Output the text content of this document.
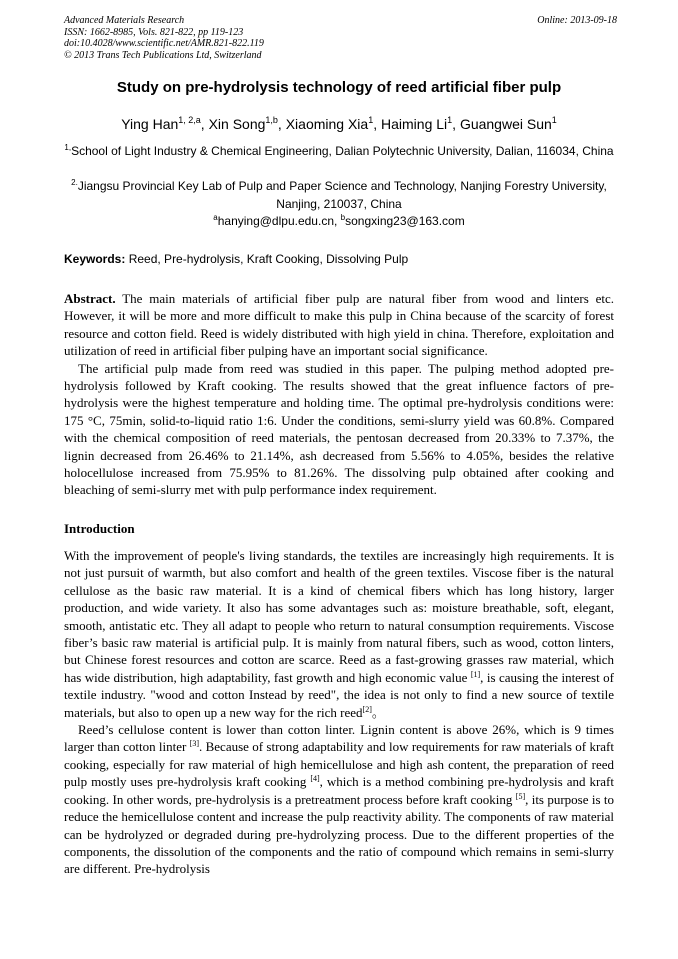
Advanced Materials Research
ISSN: 1662-8985, Vols. 821-822, pp 119-123
doi:10.4028/www.scientific.net/AMR.821-822.119
© 2013 Trans Tech Publications Ltd, Switzerland
Online: 2013-09-18
Study on pre-hydrolysis technology of reed artificial fiber pulp
Ying Han$^{1, 2,a}$, Xin Song$^{1,b}$, Xiaoming Xia$^1$, Haiming Li$^1$, Guangwei Sun$^1$
$^{1,}$School of Light Industry & Chemical Engineering, Dalian Polytechnic University, Dalian, 116034, China
$^{2.}$Jiangsu Provincial Key Lab of Pulp and Paper Science and Technology, Nanjing Forestry University, Nanjing, 210037, China
$^a$hanying@dlpu.edu.cn, $^b$songxing23@163.com
Keywords: Reed, Pre-hydrolysis, Kraft Cooking, Dissolving Pulp

Abstract. The main materials of artificial fiber pulp are natural fiber from wood and linters etc. However, it will be more and more difficult to make this pulp in China because of the scarcity of forest resource and cotton field. Reed is widely distributed with high yield in china. Therefore, exploitation and utilization of reed in artificial fiber pulping have an important social significance.

The artificial pulp made from reed was studied in this paper. The pulping method adopted pre-hydrolysis followed by Kraft cooking. The results showed that the great influence factors of pre-hydrolysis were the highest temperature and holding time. The optimal pre-hydrolysis conditions were: 175 °C, 75min, solid-to-liquid ratio 1:6. Under the conditions, semi-slurry yield was 60.8%. Compared with the chemical composition of reed materials, the pentosan decreased from 20.33% to 7.37%, the lignin decreased from 26.46% to 21.14%, ash decreased from 5.56% to 4.05%, besides the relative holocellulose increased from 75.95% to 81.26%. The dissolving pulp obtained after cooking and bleaching of semi-slurry met with pulp performance index requirement.

Introduction

With the improvement of people's living standards, the textiles are increasingly high requirements. It is not just pursuit of warmth, but also comfort and health of the green textiles. Viscose fiber is the natural cellulose as the basic raw material. It is a kind of chemical fibers which has long history, larger production, and wide variety. It also has some advantages such as: moisture breathable, soft, elegant, smooth, antistatic etc. They all adapt to people who return to natural consumption requirements. Viscose fiber’s basic raw material is artificial pulp. It is mainly from natural fibers, such as wood, cotton linters, but Chinese forest resources and cotton are scarce. Reed as a fast-growing grasses raw material, which has wide distribution, high adaptability, fast growth and high economic value [1], is causing the interest of textile industry. "wood and cotton Instead by reed", the idea is not only to find a new source of textile materials, but also to open up a new way for the rich reed[2]。

Reed’s cellulose content is lower than cotton linter. Lignin content is above 26%, which is 9 times larger than cotton linter [3]. Because of strong adaptability and low requirements for raw materials of kraft cooking, especially for raw material of high hemicellulose and high ash content, the preparation of reed pulp mostly uses pre-hydrolysis kraft cooking [4], which is a method combining pre-hydrolysis and kraft cooking. In other words, pre-hydrolysis is a pretreatment process before kraft cooking [5], its purpose is to reduce the hemicellulose content and increase the pulp reactivity ability. The components of raw material can be hydrolyzed or degraded during pre-hydrolyzing process. Due to the different properties of the components, the dissolution of the components and the ratio of compound which remains in semi-slurry are different. Pre-hydrolysis
